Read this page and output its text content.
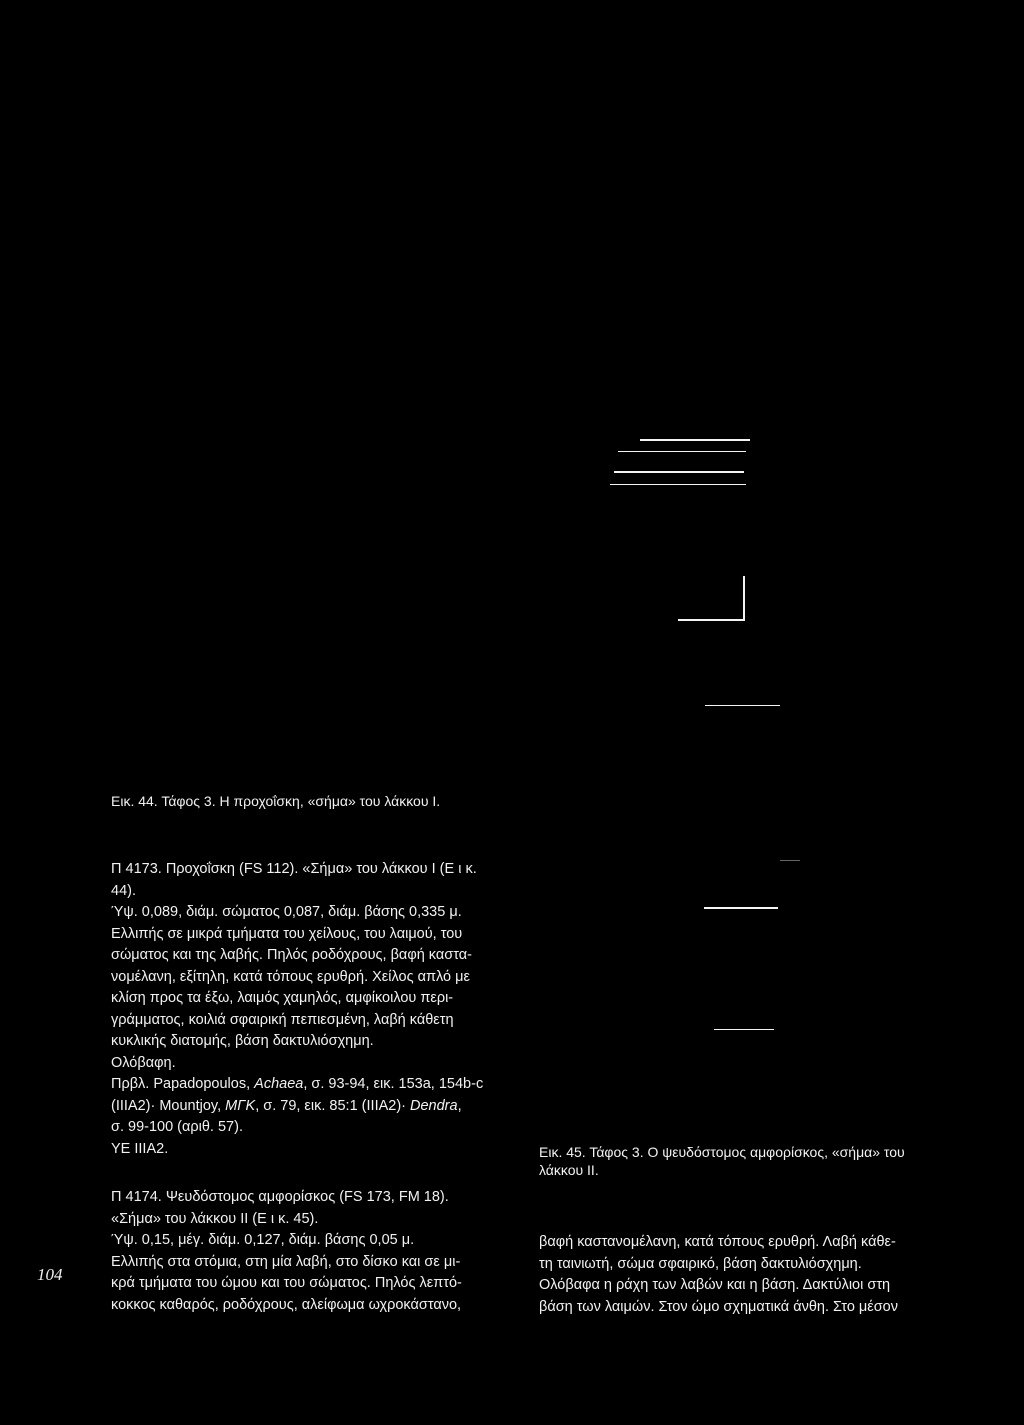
Εικ. 44. Τάφος 3. Η προχοΐσκη, «σήμα» του λάκκου Ι.
Εικ. 45. Τάφος 3. Ο ψευδόστομος αμφορίσκος, «σήμα» του
λάκκου ΙΙ.
Π 4173. Προχοΐσκη (FS 112). «Σήμα» του λάκκου Ι (Ε ι κ.
44).
Ύψ. 0,089, διάμ. σώματος 0,087, διάμ. βάσης 0,335 μ.
Ελλιπής σε μικρά τμήματα του χείλους, του λαιμού, του
σώματος και της λαβής. Πηλός ροδόχρους, βαφή καστα-
νομέλανη, εξίτηλη, κατά τόπους ερυθρή. Χείλος απλό με
κλίση προς τα έξω, λαιμός χαμηλός, αμφίκοιλου περι-
γράμματος, κοιλιά σφαιρική πεπιεσμένη, λαβή κάθετη
κυκλικής διατομής, βάση δακτυλιόσχημη.
Ολόβαφη.
Πρβλ. Papadopoulos, Achaea, σ. 93-94, εικ. 153a, 154b-c
(IIIA2)· Mountjoy, ΜΓΚ, σ. 79, εικ. 85:1 (IIIA2)· Dendra,
σ. 99-100 (αριθ. 57).
ΥΕ ΙΙΙΑ2.
Π 4174. Ψευδόστομος αμφορίσκος (FS 173, FM 18).
«Σήμα» του λάκκου ΙΙ (Ε ι κ. 45).
Ύψ. 0,15, μέγ. διάμ. 0,127, διάμ. βάσης 0,05 μ.
Ελλιπής στα στόμια, στη μία λαβή, στο δίσκο και σε μι-
κρά τμήματα του ώμου και του σώματος. Πηλός λεπτό-
κοκκος καθαρός, ροδόχρους, αλείφωμα ωχροκάστανο,
βαφή καστανομέλανη, κατά τόπους ερυθρή. Λαβή κάθε-
τη ταινιωτή, σώμα σφαιρικό, βάση δακτυλιόσχημη.
Ολόβαφα η ράχη των λαβών και η βάση. Δακτύλιοι στη
βάση των λαιμών. Στον ώμο σχηματικά άνθη. Στο μέσον
104
